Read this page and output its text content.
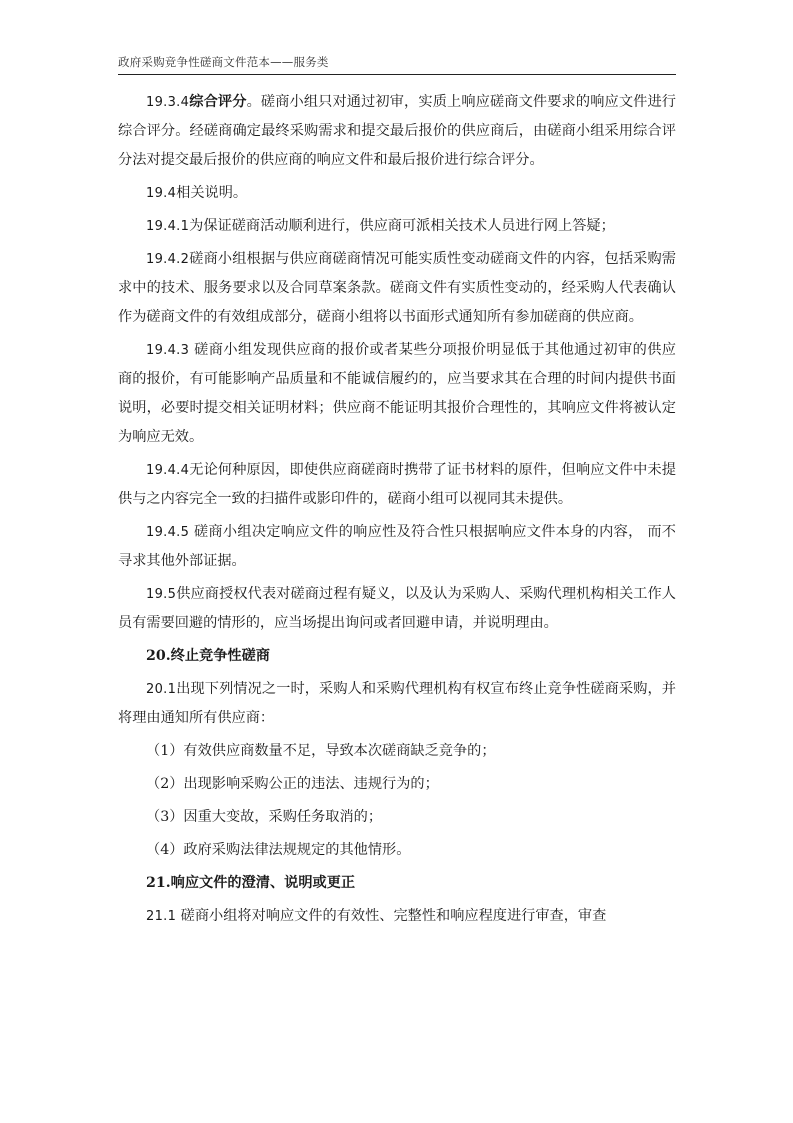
政府采购竞争性磋商文件范本——服务类

19.3.4综合评分。磋商小组只对通过初审，实质上响应磋商文件要求的响应文件进行综合评分。经磋商确定最终采购需求和提交最后报价的供应商后，由磋商小组采用综合评分法对提交最后报价的供应商的响应文件和最后报价进行综合评分。

19.4相关说明。

19.4.1为保证磋商活动顺利进行，供应商可派相关技术人员进行网上答疑；

19.4.2磋商小组根据与供应商磋商情况可能实质性变动磋商文件的内容，包括采购需求中的技术、服务要求以及合同草案条款。磋商文件有实质性变动的，经采购人代表确认作为磋商文件的有效组成部分，磋商小组将以书面形式通知所有参加磋商的供应商。

19.4.3 磋商小组发现供应商的报价或者某些分项报价明显低于其他通过初审的供应商的报价，有可能影响产品质量和不能诚信履约的，应当要求其在合理的时间内提供书面说明，必要时提交相关证明材料；供应商不能证明其报价合理性的，其响应文件将被认定为响应无效。

19.4.4无论何种原因，即使供应商磋商时携带了证书材料的原件，但响应文件中未提供与之内容完全一致的扫描件或影印件的，磋商小组可以视同其未提供。

19.4.5 磋商小组决定响应文件的响应性及符合性只根据响应文件本身的内容， 而不寻求其他外部证据。

19.5供应商授权代表对磋商过程有疑义，以及认为采购人、采购代理机构相关工作人员有需要回避的情形的，应当场提出询问或者回避申请，并说明理由。

20.终止竞争性磋商

20.1出现下列情况之一时，采购人和采购代理机构有权宣布终止竞争性磋商采购，并将理由通知所有供应商：

（1）有效供应商数量不足，导致本次磋商缺乏竞争的；

（2）出现影响采购公正的违法、违规行为的；

（3）因重大变故，采购任务取消的；

（4）政府采购法律法规规定的其他情形。

21.响应文件的澄清、说明或更正

21.1 磋商小组将对响应文件的有效性、完整性和响应程度进行审查，审查
